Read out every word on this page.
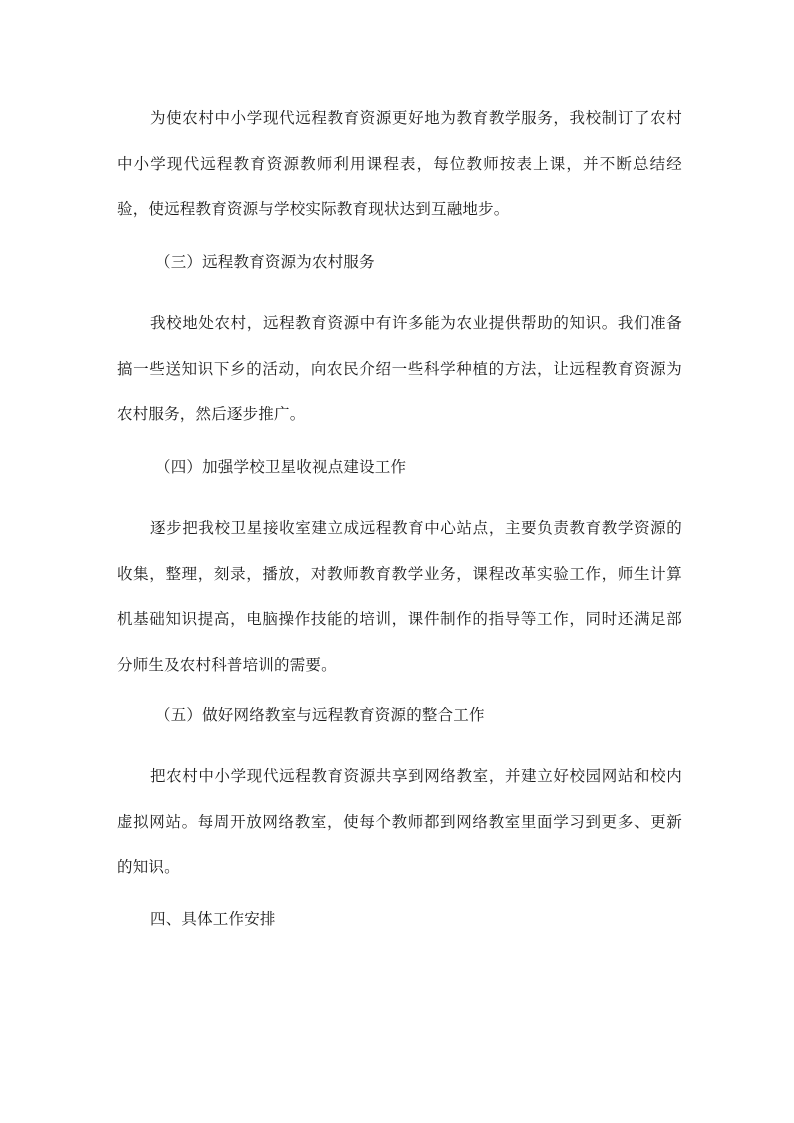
为使农村中小学现代远程教育资源更好地为教育教学服务，我校制订了农村中小学现代远程教育资源教师利用课程表，每位教师按表上课，并不断总结经验，使远程教育资源与学校实际教育现状达到互融地步。

（三）远程教育资源为农村服务

我校地处农村，远程教育资源中有许多能为农业提供帮助的知识。我们准备搞一些送知识下乡的活动，向农民介绍一些科学种植的方法，让远程教育资源为农村服务，然后逐步推广。

（四）加强学校卫星收视点建设工作

逐步把我校卫星接收室建立成远程教育中心站点，主要负责教育教学资源的收集，整理，刻录，播放，对教师教育教学业务，课程改革实验工作，师生计算机基础知识提高，电脑操作技能的培训，课件制作的指导等工作，同时还满足部分师生及农村科普培训的需要。

（五）做好网络教室与远程教育资源的整合工作

把农村中小学现代远程教育资源共享到网络教室，并建立好校园网站和校内虚拟网站。每周开放网络教室，使每个教师都到网络教室里面学习到更多、更新的知识。

四、具体工作安排
